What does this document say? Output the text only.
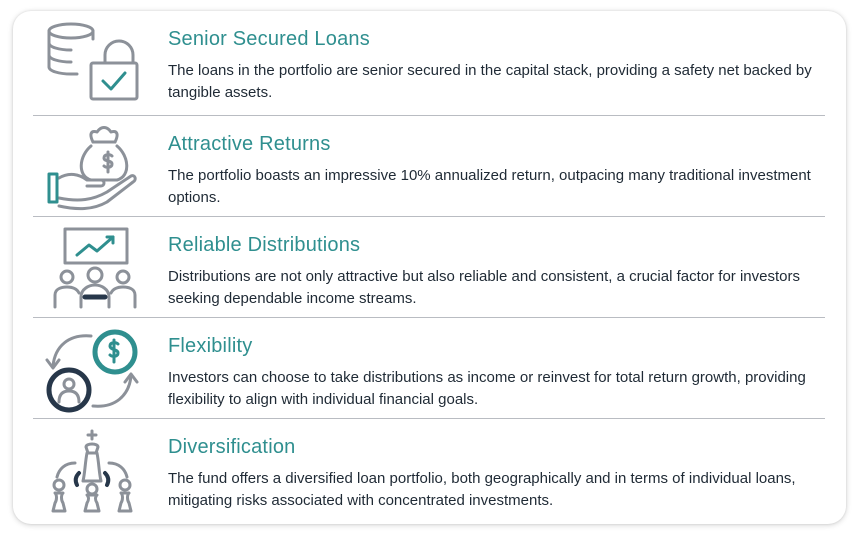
Senior Secured Loans
The loans in the portfolio are senior secured in the capital stack, providing a safety net backed by tangible assets.
Attractive Returns
The portfolio boasts an impressive 10% annualized return, outpacing many traditional investment options.
Reliable Distributions
Distributions are not only attractive but also reliable and consistent, a crucial factor for investors seeking dependable income streams.
Flexibility
Investors can choose to take distributions as income or reinvest for total return growth, providing flexibility to align with individual financial goals.
Diversification
The fund offers a diversified loan portfolio, both geographically and in terms of individual loans, mitigating risks associated with concentrated investments.
